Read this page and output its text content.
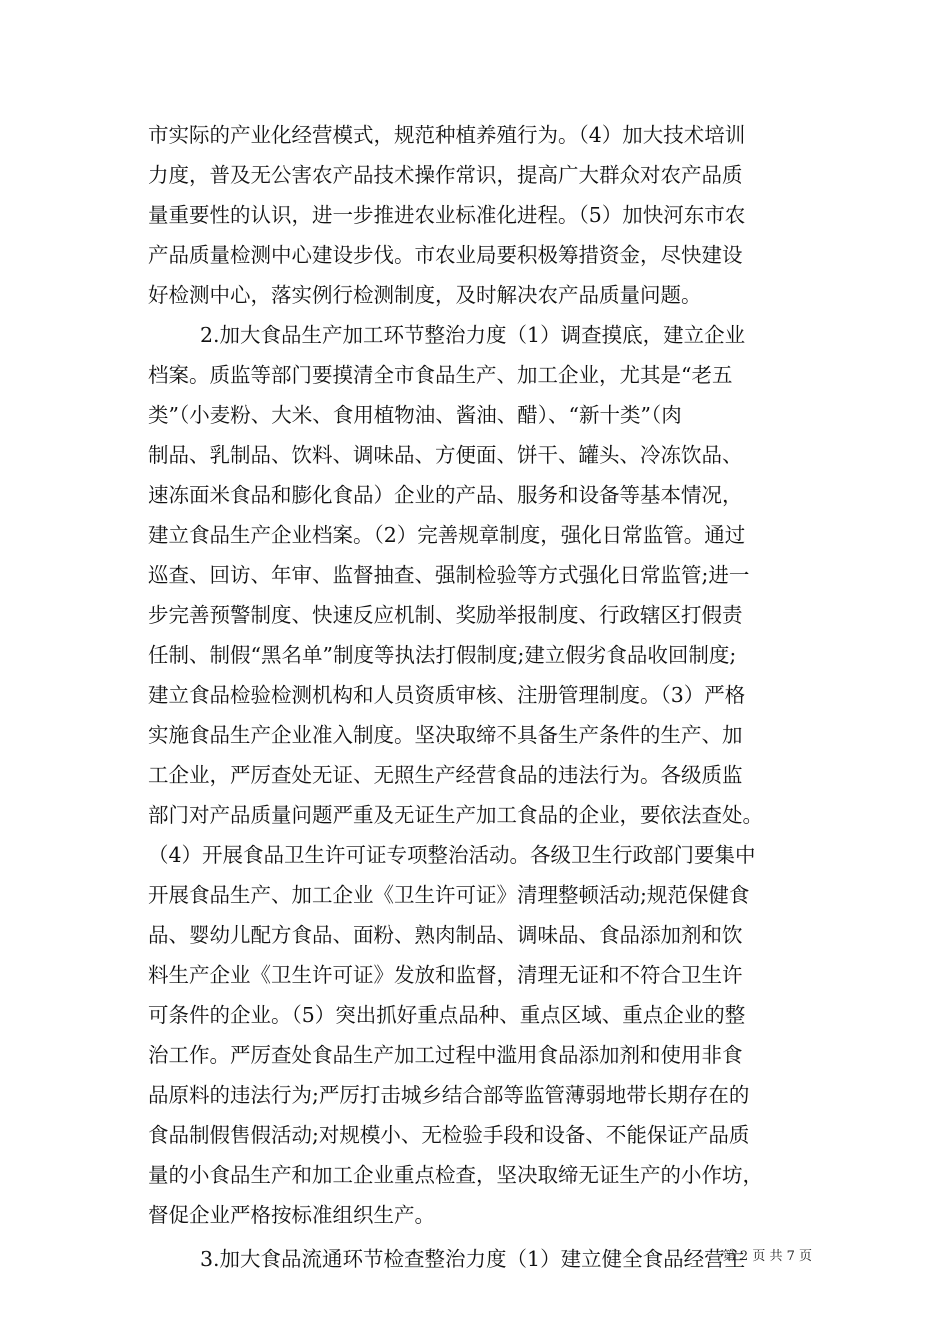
市实际的产业化经营模式，规范种植养殖行为。（4）加大技术培训
力度，普及无公害农产品技术操作常识，提高广大群众对农产品质
量重要性的认识，进一步推进农业标准化进程。（5）加快河东市农
产品质量检测中心建设步伐。市农业局要积极筹措资金，尽快建设
好检测中心，落实例行检测制度，及时解决农产品质量问题。
2.加大食品生产加工环节整治力度（1）调查摸底，建立企业
档案。质监等部门要摸清全市食品生产、加工企业，尤其是“老五
类”（小麦粉、大米、食用植物油、酱油、醋）、“新十类”（肉
制品、乳制品、饮料、调味品、方便面、饼干、罐头、冷冻饮品、
速冻面米食品和膨化食品）企业的产品、服务和设备等基本情况，
建立食品生产企业档案。（2）完善规章制度，强化日常监管。通过
巡查、回访、年审、监督抽查、强制检验等方式强化日常监管;进一
步完善预警制度、快速反应机制、奖励举报制度、行政辖区打假责
任制、制假“黑名单”制度等执法打假制度;建立假劣食品收回制度;
建立食品检验检测机构和人员资质审核、注册管理制度。（3）严格
实施食品生产企业准入制度。坚决取缔不具备生产条件的生产、加
工企业，严厉查处无证、无照生产经营食品的违法行为。各级质监
部门对产品质量问题严重及无证生产加工食品的企业，要依法查处。
（4）开展食品卫生许可证专项整治活动。各级卫生行政部门要集中
开展食品生产、加工企业《卫生许可证》清理整顿活动;规范保健食
品、婴幼儿配方食品、面粉、熟肉制品、调味品、食品添加剂和饮
料生产企业《卫生许可证》发放和监督，清理无证和不符合卫生许
可条件的企业。（5）突出抓好重点品种、重点区域、重点企业的整
治工作。严厉查处食品生产加工过程中滥用食品添加剂和使用非食
品原料的违法行为;严厉打击城乡结合部等监管薄弱地带长期存在的
食品制假售假活动;对规模小、无检验手段和设备、不能保证产品质
量的小食品生产和加工企业重点检查，坚决取缔无证生产的小作坊，
督促企业严格按标准组织生产。
3.加大食品流通环节检查整治力度（1）建立健全食品经营主
第 2 页 共 7 页
